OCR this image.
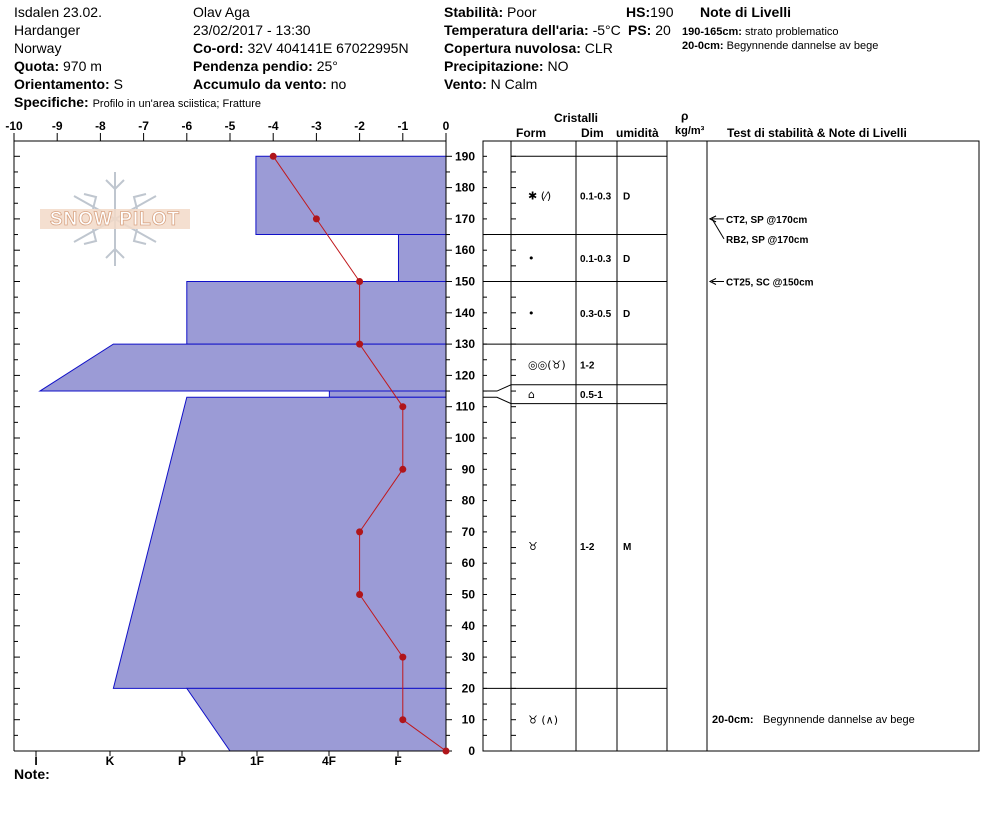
Isdalen 23.02.
Hardanger
Norway
Quota: 970 m
Orientamento: S
Specifiche: Profilo in un'area sciistica; Fratture
Olav Aga
23/02/2017 - 13:30
Co-ord: 32V 404141E 67022995N
Pendenza pendio: 25°
Accumulo da vento: no
Stabilità: Poor
Temperatura dell'aria: -5°C
Copertura nuvolosa: CLR
Precipitazione: NO
Vento: N Calm
HS:190
PS: 20
Note di Livelli
190-165cm: strato problematico
20-0cm: Begynnende dannelse av bege
Cristalli
Form	Dim umidità
ρ
kg/m³ Test di stabilità & Note di Livelli
Note:
SNOW PILOT
-10 -9	-8	-7	-6	-5	-4	-3	-2	-1	0
0
10
20
30
40
50
60
70
80
90
100
110
120
130
140
150
160
170
180
190
I	K	P	1F	4F	F
✱ (⁄)	0.1-0.3 D
•	0.1-0.3 D
•	0.3-0.5 D
◎◎(♉) 1-2
⌂	0.5-1
♉	1-2	M
♉ (∧)
CT2, SP @170cm
RB2, SP @170cm
CT25, SC @150cm
20-0cm: Begynnende dannelse av bege
